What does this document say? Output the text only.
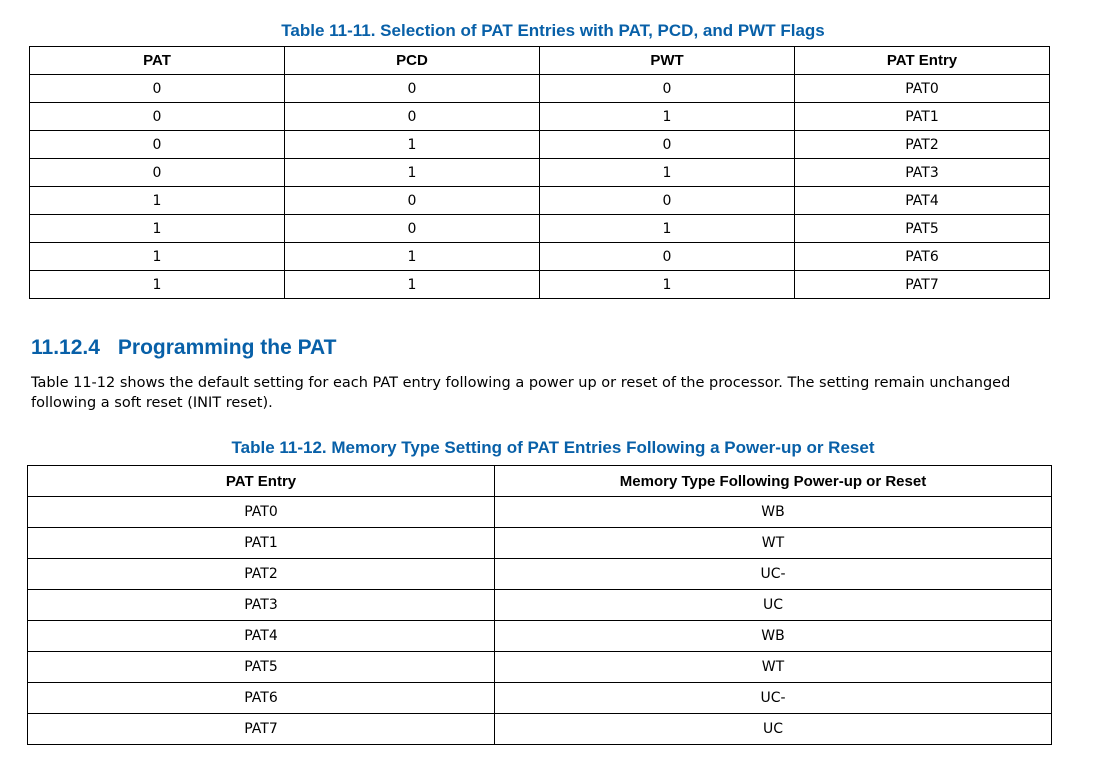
Table 11-11. Selection of PAT Entries with PAT, PCD, and PWT Flags
PAT	PCD	PWT	PAT Entry
0	0	0	PAT0
0	0	1	PAT1
0	1	0	PAT2
0	1	1	PAT3
1	0	0	PAT4
1	0	1	PAT5
1	1	0	PAT6
1	1	1	PAT7
11.12.4 Programming the PAT

Table 11-12 shows the default setting for each PAT entry following a power up or reset of the processor. The setting remain unchanged following a soft reset (INIT reset).

Table 11-12. Memory Type Setting of PAT Entries Following a Power-up or Reset
PAT Entry	Memory Type Following Power-up or Reset
PAT0	WB
PAT1	WT
PAT2	UC-
PAT3	UC
PAT4	WB
PAT5	WT
PAT6	UC-
PAT7	UC
